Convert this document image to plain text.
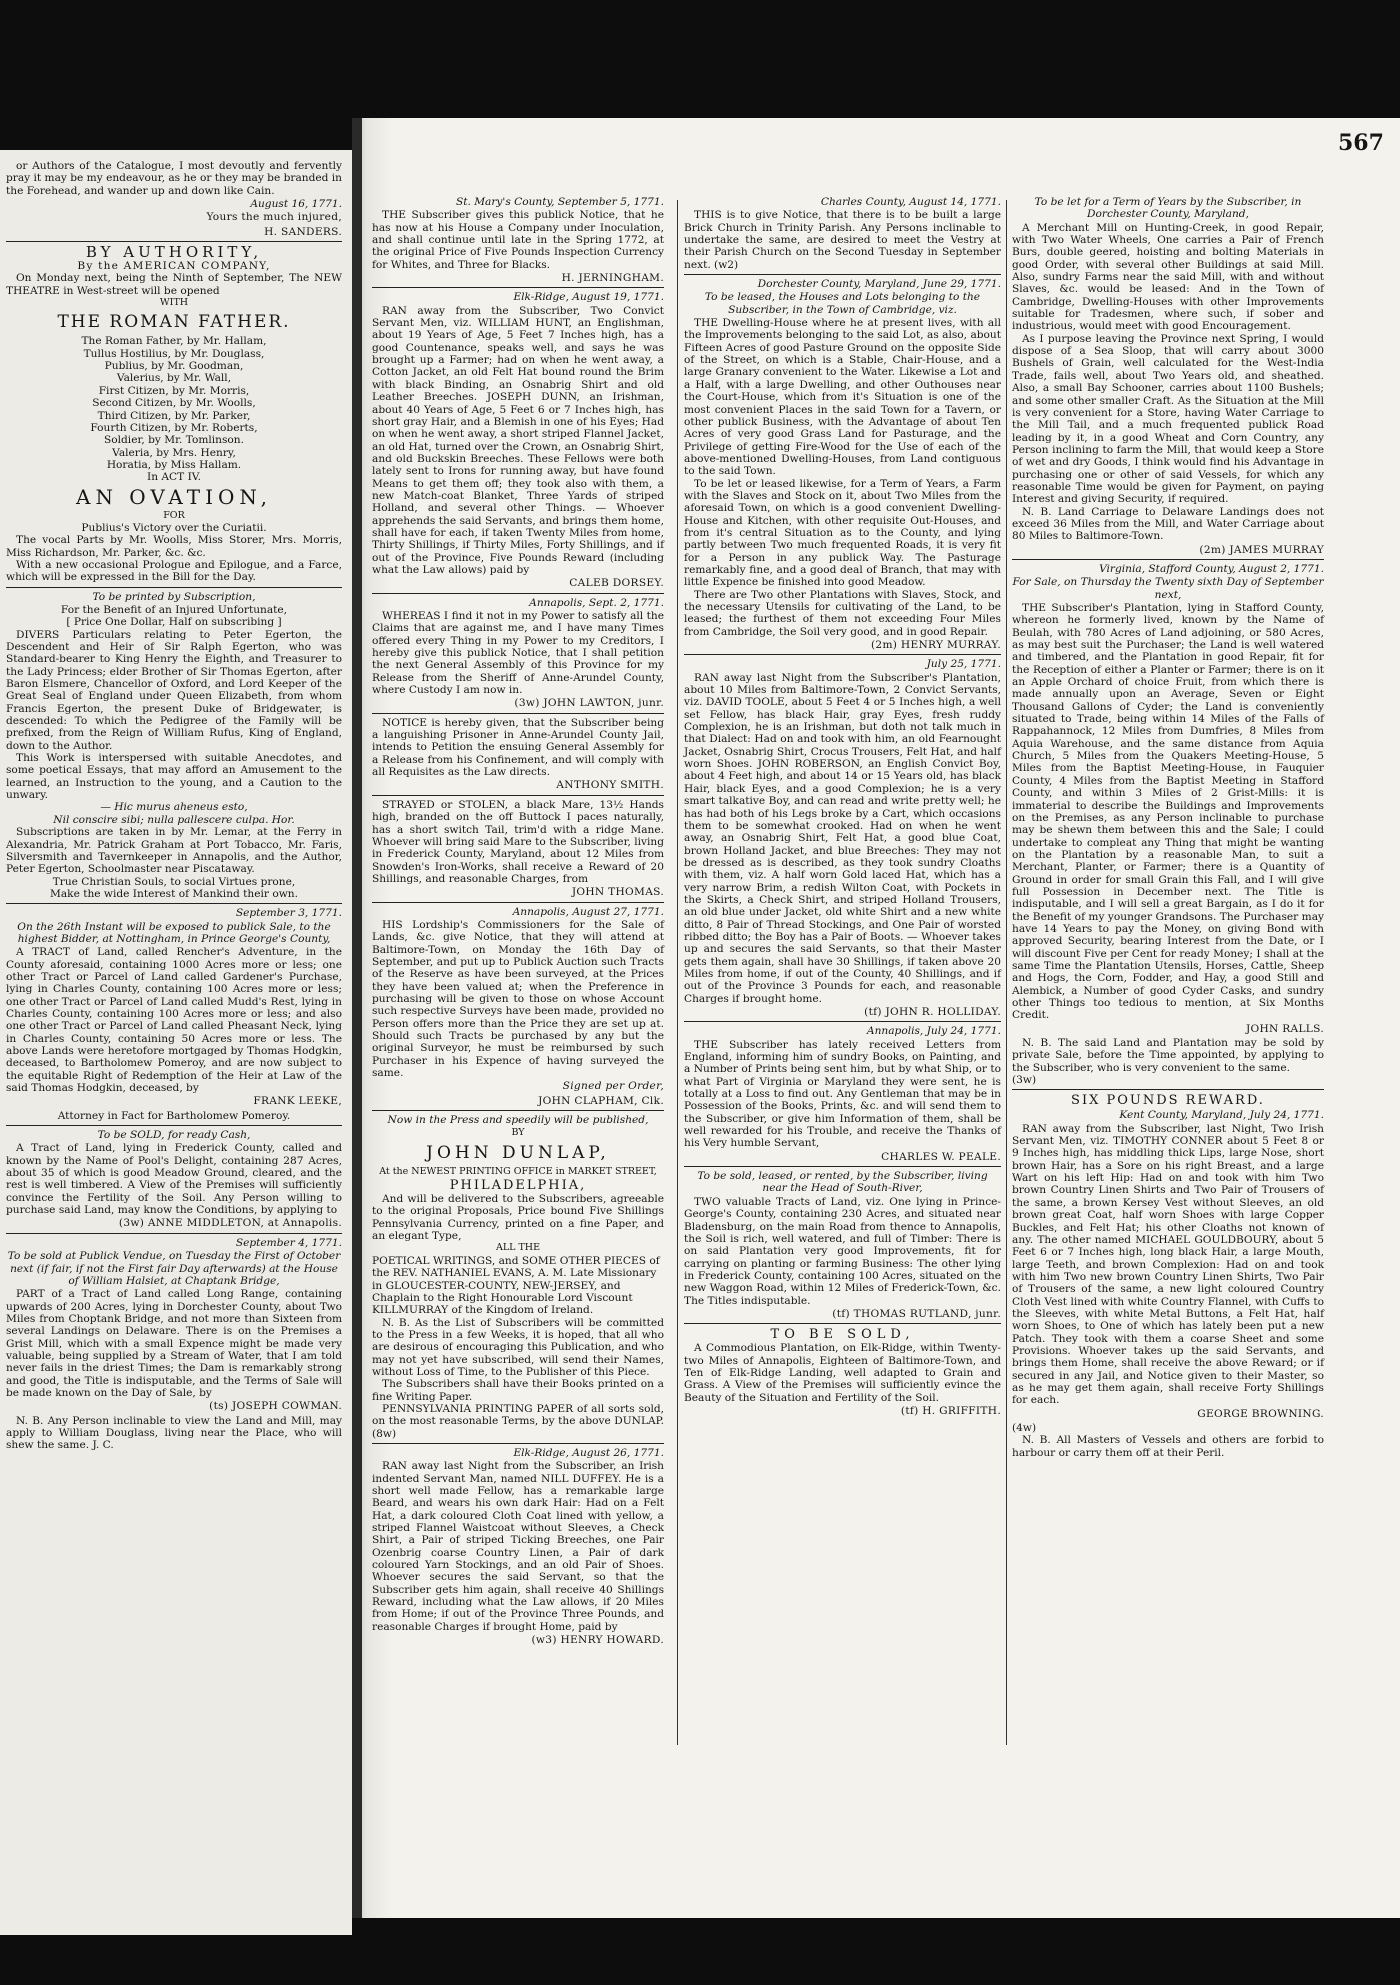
567

or Authors of the Catalogue, I most devoutly and fervently pray it may be my endeavour, as he or they may be branded in the Forehead, and wander up and down like Cain.

August 16, 1771.
Yours the much injured,
H. SANDERS.
BY AUTHORITY,
By the AMERICAN COMPANY,

On Monday next, being the Ninth of September, The NEW THEATRE in West-street will be opened

WITH
THE ROMAN FATHER.
The Roman Father, by Mr. Hallam,
Tullus Hostilius, by Mr. Douglass,
Publius, by Mr. Goodman,
Valerius, by Mr. Wall,
First Citizen, by Mr. Morris,
Second Citizen, by Mr. Woolls,
Third Citizen, by Mr. Parker,
Fourth Citizen, by Mr. Roberts,
Soldier, by Mr. Tomlinson.
Valeria, by Mrs. Henry,
Horatia, by Miss Hallam.
In ACT IV.
AN OVATION,
FOR
Publius's Victory over the Curiatii.

The vocal Parts by Mr. Woolls, Miss Storer, Mrs. Morris, Miss Richardson, Mr. Parker, &c. &c.

With a new occasional Prologue and Epilogue, and a Farce, which will be expressed in the Bill for the Day.

To be printed by Subscription,
For the Benefit of an Injured Unfortunate,
[ Price One Dollar, Half on subscribing ]

DIVERS Particulars relating to Peter Egerton, the Descendent and Heir of Sir Ralph Egerton, who was Standard-bearer to King Henry the Eighth, and Treasurer to the Lady Princess; elder Brother of Sir Thomas Egerton, after Baron Elsmere, Chancellor of Oxford, and Lord Keeper of the Great Seal of England under Queen Elizabeth, from whom Francis Egerton, the present Duke of Bridgewater, is descended: To which the Pedigree of the Family will be prefixed, from the Reign of William Rufus, King of England, down to the Author.

This Work is interspersed with suitable Anecdotes, and some poetical Essays, that may afford an Amusement to the learned, an Instruction to the young, and a Caution to the unwary.

— Hic murus aheneus esto,
Nil conscire sibi; nulla pallescere culpa. Hor.

Subscriptions are taken in by Mr. Lemar, at the Ferry in Alexandria, Mr. Patrick Graham at Port Tobacco, Mr. Faris, Silversmith and Tavernkeeper in Annapolis, and the Author, Peter Egerton, Schoolmaster near Piscataway.

True Christian Souls, to social Virtues prone,
Make the wide Interest of Mankind their own.
September 3, 1771.
On the 26th Instant will be exposed to publick Sale, to the highest Bidder, at Nottingham, in Prince George's County,

A TRACT of Land, called Rencher's Adventure, in the County aforesaid, containing 1000 Acres more or less; one other Tract or Parcel of Land called Gardener's Purchase, lying in Charles County, containing 100 Acres more or less; one other Tract or Parcel of Land called Mudd's Rest, lying in Charles County, containing 100 Acres more or less; and also one other Tract or Parcel of Land called Pheasant Neck, lying in Charles County, containing 50 Acres more or less. The above Lands were heretofore mortgaged by Thomas Hodgkin, deceased, to Bartholomew Pomeroy, and are now subject to the equitable Right of Redemption of the Heir at Law of the said Thomas Hodgkin, deceased, by

FRANK LEEKE,
Attorney in Fact for Bartholomew Pomeroy.
To be SOLD, for ready Cash,

A Tract of Land, lying in Frederick County, called and known by the Name of Pool's Delight, containing 287 Acres, about 35 of which is good Meadow Ground, cleared, and the rest is well timbered. A View of the Premises will sufficiently convince the Fertility of the Soil. Any Person willing to purchase said Land, may know the Conditions, by applying to

(3w) ANNE MIDDLETON, at Annapolis.
September 4, 1771.
To be sold at Publick Vendue, on Tuesday the First of October next (if fair, if not the First fair Day afterwards) at the House of William Halsiet, at Chaptank Bridge,

PART of a Tract of Land called Long Range, containing upwards of 200 Acres, lying in Dorchester County, about Two Miles from Choptank Bridge, and not more than Sixteen from several Landings on Delaware. There is on the Premises a Grist Mill, which with a small Expence might be made very valuable, being supplied by a Stream of Water, that I am told never fails in the driest Times; the Dam is remarkably strong and good, the Title is indisputable, and the Terms of Sale will be made known on the Day of Sale, by

(ts) JOSEPH COWMAN.

N. B. Any Person inclinable to view the Land and Mill, may apply to William Douglass, living near the Place, who will shew the same. J. C.

St. Mary's County, September 5, 1771.

THE Subscriber gives this publick Notice, that he has now at his House a Company under Inoculation, and shall continue until late in the Spring 1772, at the original Price of Five Pounds Inspection Currency for Whites, and Three for Blacks.

H. JERNINGHAM.
Elk-Ridge, August 19, 1771.

RAN away from the Subscriber, Two Convict Servant Men, viz. WILLIAM HUNT, an Englishman, about 19 Years of Age, 5 Feet 7 Inches high, has a good Countenance, speaks well, and says he was brought up a Farmer; had on when he went away, a Cotton Jacket, an old Felt Hat bound round the Brim with black Binding, an Osnabrig Shirt and old Leather Breeches. JOSEPH DUNN, an Irishman, about 40 Years of Age, 5 Feet 6 or 7 Inches high, has short gray Hair, and a Blemish in one of his Eyes; Had on when he went away, a short striped Flannel Jacket, an old Hat, turned over the Crown, an Osnabrig Shirt, and old Buckskin Breeches. These Fellows were both lately sent to Irons for running away, but have found Means to get them off; they took also with them, a new Match-coat Blanket, Three Yards of striped Holland, and several other Things. — Whoever apprehends the said Servants, and brings them home, shall have for each, if taken Twenty Miles from home, Thirty Shillings, if Thirty Miles, Forty Shillings, and if out of the Province, Five Pounds Reward (including what the Law allows) paid by

CALEB DORSEY.
Annapolis, Sept. 2, 1771.

WHEREAS I find it not in my Power to satisfy all the Claims that are against me, and I have many Times offered every Thing in my Power to my Creditors, I hereby give this publick Notice, that I shall petition the next General Assembly of this Province for my Release from the Sheriff of Anne-Arundel County, where Custody I am now in.

(3w) JOHN LAWTON, junr.

NOTICE is hereby given, that the Subscriber being a languishing Prisoner in Anne-Arundel County Jail, intends to Petition the ensuing General Assembly for a Release from his Confinement, and will comply with all Requisites as the Law directs.

ANTHONY SMITH.

STRAYED or STOLEN, a black Mare, 13½ Hands high, branded on the off Buttock I paces naturally, has a short switch Tail, trim'd with a ridge Mane. Whoever will bring said Mare to the Subscriber, living in Frederick County, Maryland, about 12 Miles from Snowden's Iron-Works, shall receive a Reward of 20 Shillings, and reasonable Charges, from

JOHN THOMAS.
Annapolis, August 27, 1771.

HIS Lordship's Commissioners for the Sale of Lands, &c. give Notice, that they will attend at Baltimore-Town, on Monday the 16th Day of September, and put up to Publick Auction such Tracts of the Reserve as have been surveyed, at the Prices they have been valued at; when the Preference in purchasing will be given to those on whose Account such respective Surveys have been made, provided no Person offers more than the Price they are set up at. Should such Tracts be purchased by any but the original Surveyor, he must be reimbursed by such Purchaser in his Expence of having surveyed the same.

Signed per Order,
JOHN CLAPHAM, Clk.
Now in the Press and speedily will be published,
BY
JOHN DUNLAP,
At the NEWEST PRINTING OFFICE in MARKET STREET,
PHILADELPHIA,

And will be delivered to the Subscribers, agreeable to the original Proposals, Price bound Five Shillings Pennsylvania Currency, printed on a fine Paper, and an elegant Type,

ALL THE

POETICAL WRITINGS, and SOME OTHER PIECES of the REV. NATHANIEL EVANS, A. M. Late Missionary in GLOUCESTER-COUNTY, NEW-JERSEY, and Chaplain to the Right Honourable Lord Viscount KILLMURRAY of the Kingdom of Ireland.

N. B. As the List of Subscribers will be committed to the Press in a few Weeks, it is hoped, that all who are desirous of encouraging this Publication, and who may not yet have subscribed, will send their Names, without Loss of Time, to the Publisher of this Piece.

The Subscribers shall have their Books printed on a fine Writing Paper.

PENNSYLVANIA PRINTING PAPER of all sorts sold, on the most reasonable Terms, by the above DUNLAP. (8w)

Elk-Ridge, August 26, 1771.

RAN away last Night from the Subscriber, an Irish indented Servant Man, named NILL DUFFEY. He is a short well made Fellow, has a remarkable large Beard, and wears his own dark Hair: Had on a Felt Hat, a dark coloured Cloth Coat lined with yellow, a striped Flannel Waistcoat without Sleeves, a Check Shirt, a Pair of striped Ticking Breeches, one Pair Ozenbrig coarse Country Linen, a Pair of dark coloured Yarn Stockings, and an old Pair of Shoes. Whoever secures the said Servant, so that the Subscriber gets him again, shall receive 40 Shillings Reward, including what the Law allows, if 20 Miles from Home; if out of the Province Three Pounds, and reasonable Charges if brought Home, paid by

(w3) HENRY HOWARD.
Charles County, August 14, 1771.

THIS is to give Notice, that there is to be built a large Brick Church in Trinity Parish. Any Persons inclinable to undertake the same, are desired to meet the Vestry at their Parish Church on the Second Tuesday in September next. (w2)

Dorchester County, Maryland, June 29, 1771.
To be leased, the Houses and Lots belonging to the Subscriber, in the Town of Cambridge, viz.

THE Dwelling-House where he at present lives, with all the Improvements belonging to the said Lot, as also, about Fifteen Acres of good Pasture Ground on the opposite Side of the Street, on which is a Stable, Chair-House, and a large Granary convenient to the Water. Likewise a Lot and a Half, with a large Dwelling, and other Outhouses near the Court-House, which from it's Situation is one of the most convenient Places in the said Town for a Tavern, or other publick Business, with the Advantage of about Ten Acres of very good Grass Land for Pasturage, and the Privilege of getting Fire-Wood for the Use of each of the above-mentioned Dwelling-Houses, from Land contiguous to the said Town.

To be let or leased likewise, for a Term of Years, a Farm with the Slaves and Stock on it, about Two Miles from the aforesaid Town, on which is a good convenient Dwelling-House and Kitchen, with other requisite Out-Houses, and from it's central Situation as to the County, and lying partly between Two much frequented Roads, it is very fit for a Person in any publick Way. The Pasturage remarkably fine, and a good deal of Branch, that may with little Expence be finished into good Meadow.

There are Two other Plantations with Slaves, Stock, and the necessary Utensils for cultivating of the Land, to be leased; the furthest of them not exceeding Four Miles from Cambridge, the Soil very good, and in good Repair.

(2m) HENRY MURRAY.
July 25, 1771.

RAN away last Night from the Subscriber's Plantation, about 10 Miles from Baltimore-Town, 2 Convict Servants, viz. DAVID TOOLE, about 5 Feet 4 or 5 Inches high, a well set Fellow, has black Hair, gray Eyes, fresh ruddy Complexion, he is an Irishman, but doth not talk much in that Dialect: Had on and took with him, an old Fearnought Jacket, Osnabrig Shirt, Crocus Trousers, Felt Hat, and half worn Shoes. JOHN ROBERSON, an English Convict Boy, about 4 Feet high, and about 14 or 15 Years old, has black Hair, black Eyes, and a good Complexion; he is a very smart talkative Boy, and can read and write pretty well; he has had both of his Legs broke by a Cart, which occasions them to be somewhat crooked. Had on when he went away, an Osnabrig Shirt, Felt Hat, a good blue Coat, brown Holland Jacket, and blue Breeches: They may not be dressed as is described, as they took sundry Cloaths with them, viz. A half worn Gold laced Hat, which has a very narrow Brim, a redish Wilton Coat, with Pockets in the Skirts, a Check Shirt, and striped Holland Trousers, an old blue under Jacket, old white Shirt and a new white ditto, 8 Pair of Thread Stockings, and One Pair of worsted ribbed ditto; the Boy has a Pair of Boots. — Whoever takes up and secures the said Servants, so that their Master gets them again, shall have 30 Shillings, if taken above 20 Miles from home, if out of the County, 40 Shillings, and if out of the Province 3 Pounds for each, and reasonable Charges if brought home.

(tf) JOHN R. HOLLIDAY.
Annapolis, July 24, 1771.

THE Subscriber has lately received Letters from England, informing him of sundry Books, on Painting, and a Number of Prints being sent him, but by what Ship, or to what Part of Virginia or Maryland they were sent, he is totally at a Loss to find out. Any Gentleman that may be in Possession of the Books, Prints, &c. and will send them to the Subscriber, or give him Information of them, shall be well rewarded for his Trouble, and receive the Thanks of his Very humble Servant,

CHARLES W. PEALE.
To be sold, leased, or rented, by the Subscriber, living near the Head of South-River,

TWO valuable Tracts of Land, viz. One lying in Prince-George's County, containing 230 Acres, and situated near Bladensburg, on the main Road from thence to Annapolis, the Soil is rich, well watered, and full of Timber: There is on said Plantation very good Improvements, fit for carrying on planting or farming Business: The other lying in Frederick County, containing 100 Acres, situated on the new Waggon Road, within 12 Miles of Frederick-Town, &c. The Titles indisputable.

(tf) THOMAS RUTLAND, junr.
TO BE SOLD,

A Commodious Plantation, on Elk-Ridge, within Twenty-two Miles of Annapolis, Eighteen of Baltimore-Town, and Ten of Elk-Ridge Landing, well adapted to Grain and Grass. A View of the Premises will sufficiently evince the Beauty of the Situation and Fertility of the Soil.

(tf) H. GRIFFITH.
To be let for a Term of Years by the Subscriber, in Dorchester County, Maryland,

A Merchant Mill on Hunting-Creek, in good Repair, with Two Water Wheels, One carries a Pair of French Burs, double geered, hoisting and bolting Materials in good Order, with several other Buildings at said Mill. Also, sundry Farms near the said Mill, with and without Slaves, &c. would be leased: And in the Town of Cambridge, Dwelling-Houses with other Improvements suitable for Tradesmen, where such, if sober and industrious, would meet with good Encouragement.

As I purpose leaving the Province next Spring, I would dispose of a Sea Sloop, that will carry about 3000 Bushels of Grain, well calculated for the West-India Trade, fails well, about Two Years old, and sheathed. Also, a small Bay Schooner, carries about 1100 Bushels; and some other smaller Craft. As the Situation at the Mill is very convenient for a Store, having Water Carriage to the Mill Tail, and a much frequented publick Road leading by it, in a good Wheat and Corn Country, any Person inclining to farm the Mill, that would keep a Store of wet and dry Goods, I think would find his Advantage in purchasing one or other of said Vessels, for which any reasonable Time would be given for Payment, on paying Interest and giving Security, if required.

N. B. Land Carriage to Delaware Landings does not exceed 36 Miles from the Mill, and Water Carriage about 80 Miles to Baltimore-Town.

(2m) JAMES MURRAY
Virginia, Stafford County, August 2, 1771.
For Sale, on Thursday the Twenty sixth Day of September next,

THE Subscriber's Plantation, lying in Stafford County, whereon he formerly lived, known by the Name of Beulah, with 780 Acres of Land adjoining, or 580 Acres, as may best suit the Purchaser; the Land is well watered and timbered, and the Plantation in good Repair, fit for the Reception of either a Planter or Farmer; there is on it an Apple Orchard of choice Fruit, from which there is made annually upon an Average, Seven or Eight Thousand Gallons of Cyder; the Land is conveniently situated to Trade, being within 14 Miles of the Falls of Rappahannock, 12 Miles from Dumfries, 8 Miles from Aquia Warehouse, and the same distance from Aquia Church, 5 Miles from the Quakers Meeting-House, 5 Miles from the Baptist Meeting-House, in Fauquier County, 4 Miles from the Baptist Meeting in Stafford County, and within 3 Miles of 2 Grist-Mills: it is immaterial to describe the Buildings and Improvements on the Premises, as any Person inclinable to purchase may be shewn them between this and the Sale; I could undertake to compleat any Thing that might be wanting on the Plantation by a reasonable Man, to suit a Merchant, Planter, or Farmer; there is a Quantity of Ground in order for small Grain this Fall, and I will give full Possession in December next. The Title is indisputable, and I will sell a great Bargain, as I do it for the Benefit of my younger Grandsons. The Purchaser may have 14 Years to pay the Money, on giving Bond with approved Security, bearing Interest from the Date, or I will discount Five per Cent for ready Money; I shall at the same Time the Plantation Utensils, Horses, Cattle, Sheep and Hogs, the Corn, Fodder, and Hay, a good Still and Alembick, a Number of good Cyder Casks, and sundry other Things too tedious to mention, at Six Months Credit.

JOHN RALLS.

N. B. The said Land and Plantation may be sold by private Sale, before the Time appointed, by applying to the Subscriber, who is very convenient to the same.

(3w)
SIX POUNDS REWARD.
Kent County, Maryland, July 24, 1771.

RAN away from the Subscriber, last Night, Two Irish Servant Men, viz. TIMOTHY CONNER about 5 Feet 8 or 9 Inches high, has middling thick Lips, large Nose, short brown Hair, has a Sore on his right Breast, and a large Wart on his left Hip: Had on and took with him Two brown Country Linen Shirts and Two Pair of Trousers of the same, a brown Kersey Vest without Sleeves, an old brown great Coat, half worn Shoes with large Copper Buckles, and Felt Hat; his other Cloaths not known of any. The other named MICHAEL GOULDBOURY, about 5 Feet 6 or 7 Inches high, long black Hair, a large Mouth, large Teeth, and brown Complexion: Had on and took with him Two new brown Country Linen Shirts, Two Pair of Trousers of the same, a new light coloured Country Cloth Vest lined with white Country Flannel, with Cuffs to the Sleeves, with white Metal Buttons, a Felt Hat, half worn Shoes, to One of which has lately been put a new Patch. They took with them a coarse Sheet and some Provisions. Whoever takes up the said Servants, and brings them Home, shall receive the above Reward; or if secured in any Jail, and Notice given to their Master, so as he may get them again, shall receive Forty Shillings for each.

GEORGE BROWNING.
(4w)

N. B. All Masters of Vessels and others are forbid to harbour or carry them off at their Peril.
